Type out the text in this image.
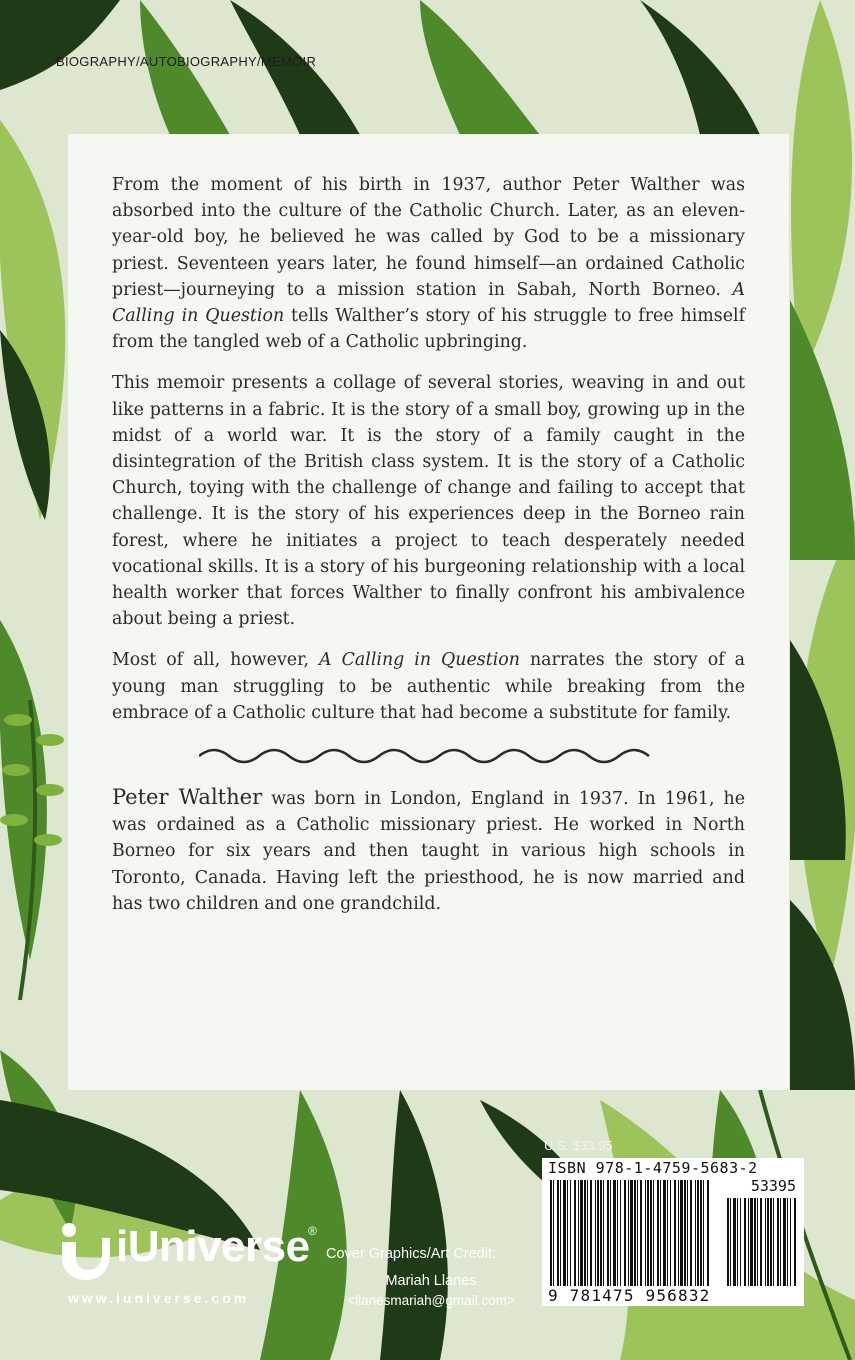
BIOGRAPHY/AUTOBIOGRAPHY/MEMOIR

From the moment of his birth in 1937, author Peter Walther was absorbed into the culture of the Catholic Church. Later, as an eleven-year-old boy, he believed he was called by God to be a missionary priest. Seventeen years later, he found himself—an ordained Catholic priest—journeying to a mission station in Sabah, North Borneo. A Calling in Question tells Walther’s story of his struggle to free himself from the tangled web of a Catholic upbringing.

This memoir presents a collage of several stories, weaving in and out like patterns in a fabric. It is the story of a small boy, growing up in the midst of a world war. It is the story of a family caught in the disintegration of the British class system. It is the story of a Catholic Church, toying with the challenge of change and failing to accept that challenge. It is the story of his experiences deep in the Borneo rain forest, where he initiates a project to teach desperately needed vocational skills. It is a story of his burgeoning relationship with a local health worker that forces Walther to finally confront his ambivalence about being a priest.

Most of all, however, A Calling in Question narrates the story of a young man struggling to be authentic while breaking from the embrace of a Catholic culture that had become a substitute for family.

Peter Walther was born in London, England in 1937. In 1961, he was ordained as a Catholic missionary priest. He worked in North Borneo for six years and then taught in various high schools in Toronto, Canada. Having left the priesthood, he is now married and has two children and one grandchild.

U.S. $33.95
ISBN 978-1-4759-5683-2
53395
9 781475 956832
iUniverse
®
www.iuniverse.com
Cover Graphics/Art Credit:
Mariah Llanes
<llanesmariah@gmail.com>
